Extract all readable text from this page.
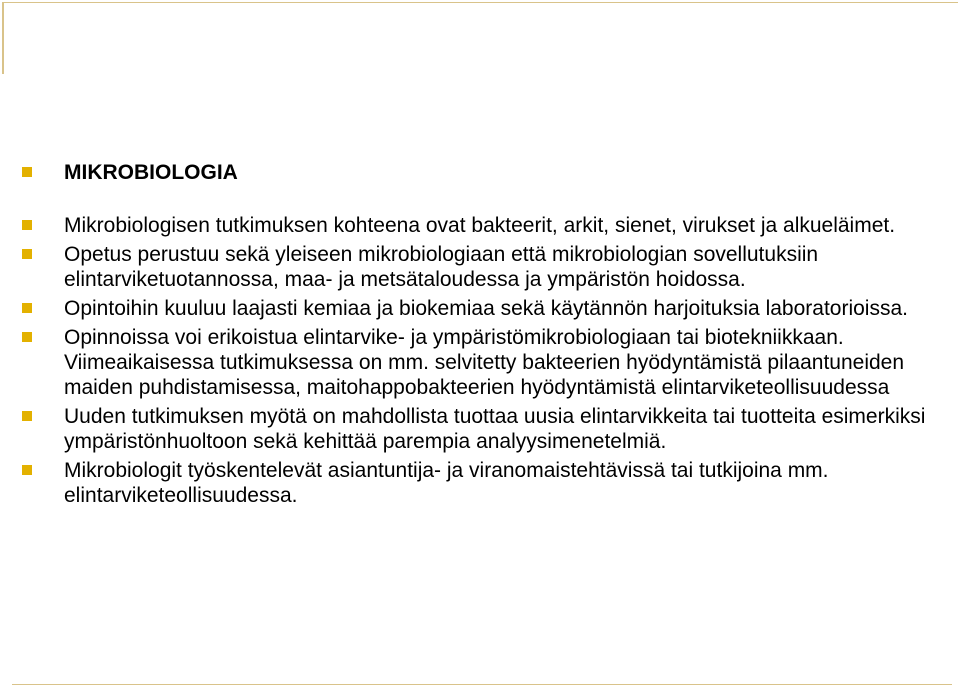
MIKROBIOLOGIA
Mikrobiologisen tutkimuksen kohteena ovat bakteerit, arkit, sienet, virukset ja alkueläimet.
Opetus perustuu sekä yleiseen mikrobiologiaan että mikrobiologian sovellutuksiin elintarviketuotannossa, maa- ja metsätaloudessa ja ympäristön hoidossa.
Opintoihin kuuluu laajasti kemiaa ja biokemiaa sekä käytännön harjoituksia laboratorioissa.
Opinnoissa voi erikoistua elintarvike- ja ympäristömikrobiologiaan tai biotekniikkaan. Viimeaikaisessa tutkimuksessa on mm. selvitetty bakteerien hyödyntämistä pilaantuneiden maiden puhdistamisessa, maitohappobakteerien hyödyntämistä elintarviketeollisuudessa
Uuden tutkimuksen myötä on mahdollista tuottaa uusia elintarvikkeita tai tuotteita esimerkiksi ympäristönhuoltoon sekä kehittää parempia analyysimenetelmiä.
Mikrobiologit työskentelevät asiantuntija- ja viranomaistehtävissä tai tutkijoina mm. elintarviketeollisuudessa.
